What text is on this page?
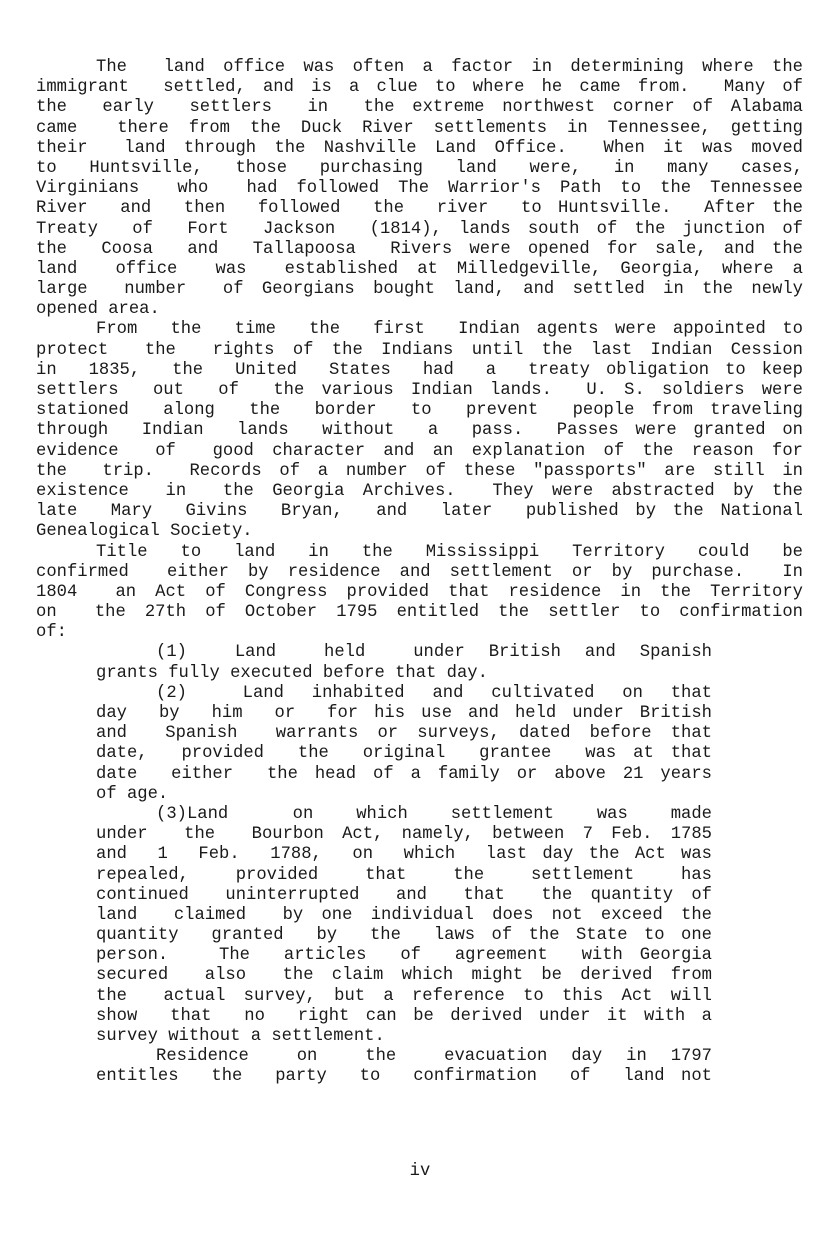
The  land office was often a factor in determining where the
immigrant  settled, and is a clue to where he came from.  Many of
the  early  settlers  in  the extreme northwest corner of Alabama
came  there from the Duck River settlements in Tennessee, getting
their  land through the Nashville Land Office.  When it was moved
to  Huntsville,  those  purchasing  land  were,  in  many  cases,
Virginians  who  had followed The Warrior's Path to the Tennessee
River  and  then  followed  the  river  to Huntsville.  After the
Treaty  of  Fort  Jackson  (1814), lands south of the junction of
the  Coosa  and  Tallapoosa  Rivers were opened for sale, and the
land  office  was  established at Milledgeville, Georgia, where a
large  number  of Georgians bought land, and settled in the newly
opened area.
From  the  time  the  first  Indian agents were appointed to
protect  the  rights of the Indians until the last Indian Cession
in  1835,  the  United  States  had  a  treaty obligation to keep
settlers  out  of  the various Indian lands.  U. S. soldiers were
stationed  along  the  border  to  prevent  people from traveling
through  Indian  lands  without  a  pass.  Passes were granted on
evidence  of  good character and an explanation of the reason for
the  trip.  Records of a number of these "passports" are still in
existence  in  the Georgia Archives.  They were abstracted by the
late  Mary  Givins  Bryan,  and  later  published by the National
Genealogical Society.
Title  to  land  in  the  Mississippi  Territory  could  be
confirmed  either by residence and settlement or by purchase.  In
1804  an Act of Congress provided that residence in the Territory
on  the 27th of October 1795 entitled the settler to confirmation
of:
(1)  Land  held  under British and Spanish
grants fully executed before that day.
(2)  Land inhabited and cultivated on that
day  by  him  or  for his use and held under British
and  Spanish  warrants or surveys, dated before that
date,  provided  the  original  grantee  was at that
date  either  the head of a family or above 21 years
of age.
(3)Land   on  which  settlement  was  made
under  the  Bourbon Act, namely, between 7 Feb. 1785
and  1  Feb.  1788,  on  which  last day the Act was
repealed,   provided   that   the   settlement   has
continued  uninterrupted  and  that  the quantity of
land  claimed  by one individual does not exceed the
quantity  granted  by  the  laws of the State to one
person.   The  articles  of  agreement  with Georgia
secured  also  the claim which might be derived from
the  actual survey, but a reference to this Act will
show  that  no  right can be derived under it with a
survey without a settlement.
Residence  on  the  evacuation day in 1797
entitles  the  party  to  confirmation  of  land not
iv
